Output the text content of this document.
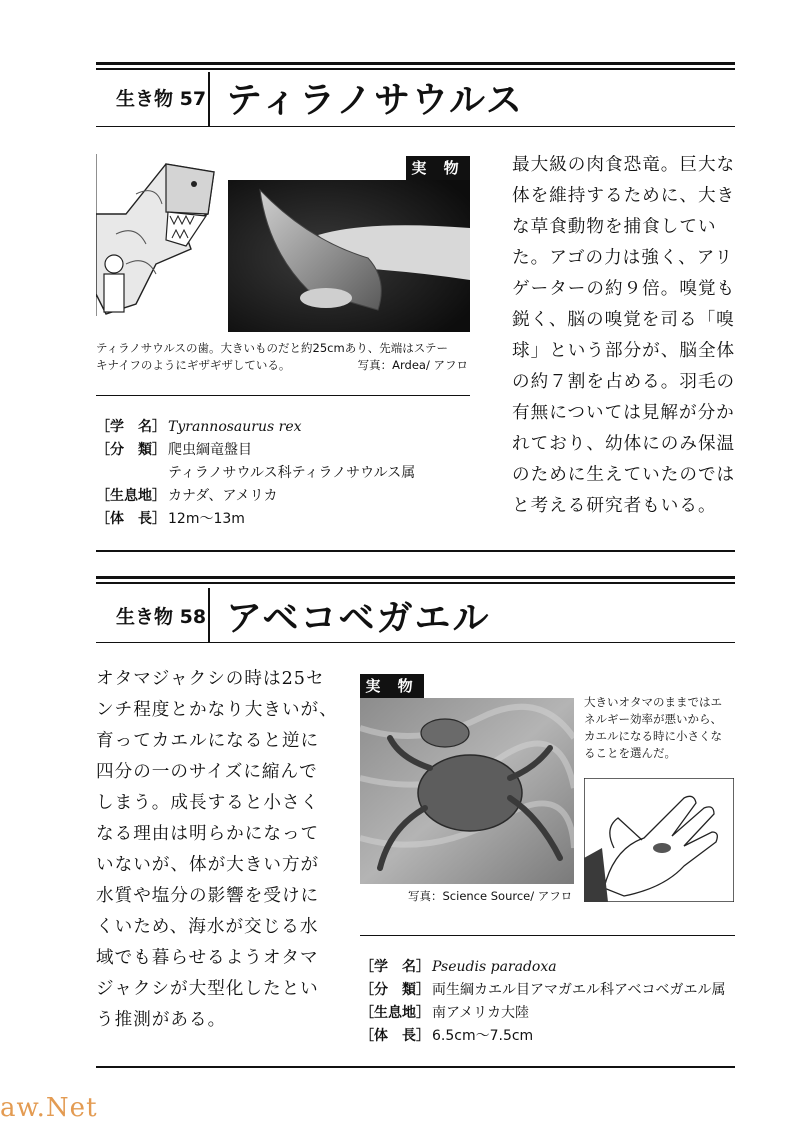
生き物 57 ティラノサウルス
実 物
ティラノサウルスの歯。大きいものだと約25cmあり、先端はステー
キナイフのようにギザギザしている。	写真：Ardea/ アフロ
［学　名］ Tyrannosaurus rex
［分　類］ 爬虫綱竜盤目
ティラノサウルス科ティラノサウルス属
［生息地］ カナダ、アメリカ
［体　長］ 12m～13m
最大級の肉食恐竜。巨大な
体を維持するために、大き
な草食動物を捕食してい
た。アゴの力は強く、アリ
ゲーターの約９倍。嗅覚も
鋭く、脳の嗅覚を司る「嗅
球」という部分が、脳全体
の約７割を占める。羽毛の
有無については見解が分か
れており、幼体にのみ保温
のために生えていたのでは
と考える研究者もいる。
生き物 58 アベコベガエル
オタマジャクシの時は25セ
ンチ程度とかなり大きいが、
育ってカエルになると逆に
四分の一のサイズに縮んで
しまう。成長すると小さく
なる理由は明らかになって
いないが、体が大きい方が
水質や塩分の影響を受けに
くいため、海水が交じる水
域でも暮らせるようオタマ
ジャクシが大型化したとい
う推測がある。
実 物
大きいオタマのままではエ
ネルギー効率が悪いから、
カエルになる時に小さくな
ることを選んだ。
写真：Science Source/ アフロ
［学　名］ Pseudis paradoxa
［分　類］ 両生綱カエル目アマガエル科アベコベガエル属
［生息地］ 南アメリカ大陸
［体　長］ 6.5cm～7.5cm
aw.Net
